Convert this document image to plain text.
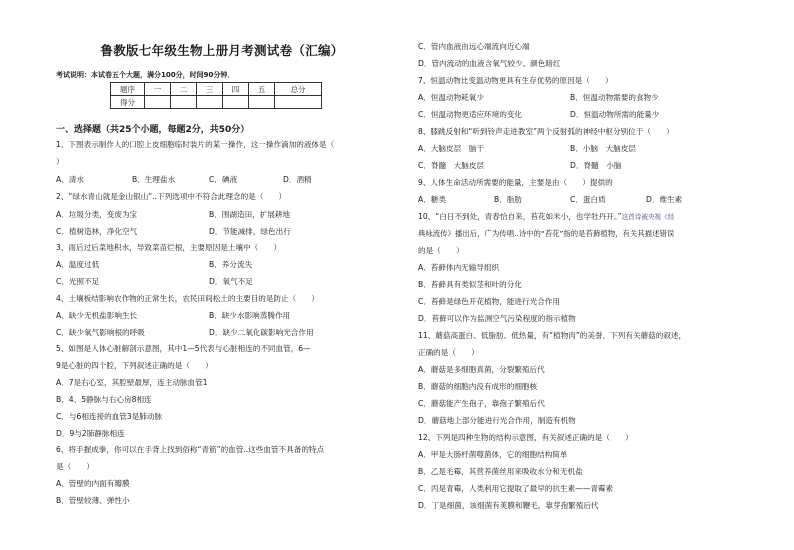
鲁教版七年级生物上册月考测试卷（汇编）
考试说明：本试卷五个大题，满分100分，时间90分钟．
题序	一	二	三	四	五	总分
得分						
一、选择题（共25个小题，每题2分，共50分）
1、下图表示制作人的口腔上皮细胞临时装片的某一操作，这一操作滴加的液体是（
）
A．清水	B．生理盐水	C．碘液	D．酒精
2、“绿水青山就是金山银山”..下列选项中不符合此理念的是（　　）
A．垃圾分类，变废为宝	B．围湖造田，扩展耕地
C．植树造林，净化空气	D．节能减排，绿色出行
3、雨后过后菜地积水，导致菜苗烂根，主要原因是土壤中（　　）
A．温度过低	B．养分流失
C．光照不足	D．氧气不足
4、土壤板结影响农作物的正常生长，农民田间松土的主要目的是防止（　　）
A．缺少无机盐影响生长	B．缺少水影响蒸腾作用
C．缺少氧气影响根的呼吸	D．缺少二氧化碳影响光合作用
5、如图是人体心脏解剖示意图，其中1—5代表与心脏相连的不同血管，6—
9是心脏的四个腔，下列叙述正确的是（　　）
A．7是右心室，其腔壁最厚，连主动脉血管1
B．4、5静脉与右心房8相连
C．与6相连接的血管3是肺动脉
D．9与2肺静脉相连
6、将手握成拳，你可以在手背上找到俗称“青筋”的血管..这些血管不具备的特点
是（　　）
A．管壁的内面有瓣膜
B．管壁较薄、弹性小
C．管内血液由远心端流向近心端
D．管内流动的血液含氧气较少、颜色暗红
7、恒温动物比变温动物更具有生存优势的原因是（　　）
A．恒温动物耗氧少	B．恒温动物需要的食物少
C．恒温动物更适应环境的变化	D．恒温动物所需的能量少
8、膝跳反射和“听到铃声走进教室”两个反射弧的神经中枢分别位于（　　）
A．大脑皮层　脑干	B．小脑　大脑皮层
C．脊髓　大脑皮层	D．脊髓　小脑
9、人体生命活动所需要的能量，主要是由（　　）提供的
A．糖类	B．脂肪	C．蛋白质	D．维生素
10、“白日不到处，青春恰自来，苔花如米小，也学牡丹开。”这首诗被央视《经
典咏流传》播出后，广为传唱..诗中的“苔花”指的是苔藓植物，有关其描述错误
的是（　　）
A．苔藓体内无输导组织
B．苔藓具有类似茎和叶的分化
C．苔藓是绿色开花植物，能进行光合作用
D．苔藓可以作为监测空气污染程度的指示植物
11、蘑菇高蛋白、低脂肪、低热量，有“植物肉”的美誉．下列有关蘑菇的叙述，
正确的是（　　）
A．蘑菇是多细胞真菌，分裂繁殖后代
B．蘑菇的细胞内没有成形的细胞核
C．蘑菇能产生孢子，靠孢子繁殖后代
D．蘑菇地上部分能进行光合作用，制造有机物
12、下列是四种生物的结构示意图，有关叙述正确的是（　　）
A．甲是大肠杆菌噬菌体，它的细胞结构简单
B．乙是毛霉，其营养菌丝用来吸收水分和无机盐
C．丙是青霉，人类利用它提取了最早的抗生素——青霉素
D．丁是细菌，该细菌有荚膜和鞭毛，靠芽孢繁殖后代
